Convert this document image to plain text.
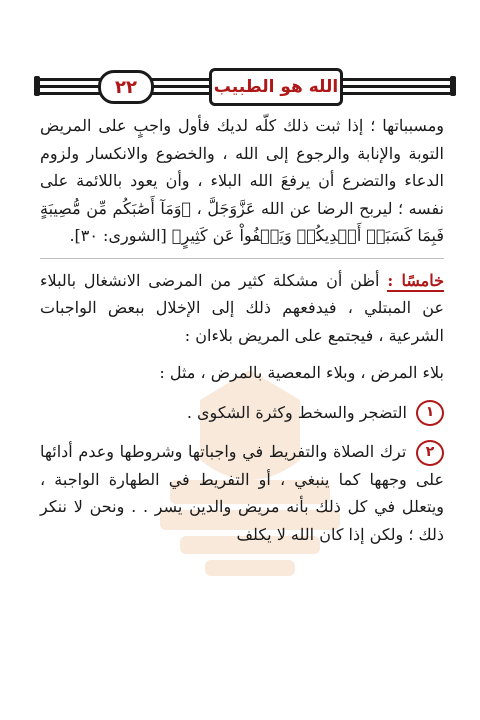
٢٢	الله هو الطبيب

ومسبباتها ؛ إذا ثبت ذلك كلّه لديك فأول واجبٍ على المريض التوبة والإنابة والرجوع إلى الله ، والخضوع والانكسار ولزوم الدعاء والتضرع أن يرفعَ الله البلاء ، وأن يعود باللائمة على نفسه ؛ ليربح الرضا عن الله عَزَّوَجَلَّ ، ﴿وَمَآ أَصَٰبَكُم مِّن مُّصِيبَةٍ فَبِمَا كَسَبَتۡ أَيۡدِيكُمۡ وَيَعۡفُواْ عَن كَثِيرٍ﴾ [الشورى: ٣٠].

خامسًا : أظن أن مشكلة كثير من المرضى الانشغال بالبلاء عن المبتلي ، فيدفعهم ذلك إلى الإخلال ببعض الواجبات الشرعية ، فيجتمع على المريض بلاءان :

بلاء المرض ، وبلاء المعصية بالمرض ، مثل :

١ التضجر والسخط وكثرة الشكوى .

٢ ترك الصلاة والتفريط في واجباتها وشروطها وعدم أدائها على وجهها كما ينبغي ، أو التفريط في الطهارة الواجبة ، ويتعلل في كل ذلك بأنه مريض والدين يسر . . ونحن لا ننكر ذلك ؛ ولكن إذا كان الله لا يكلف
